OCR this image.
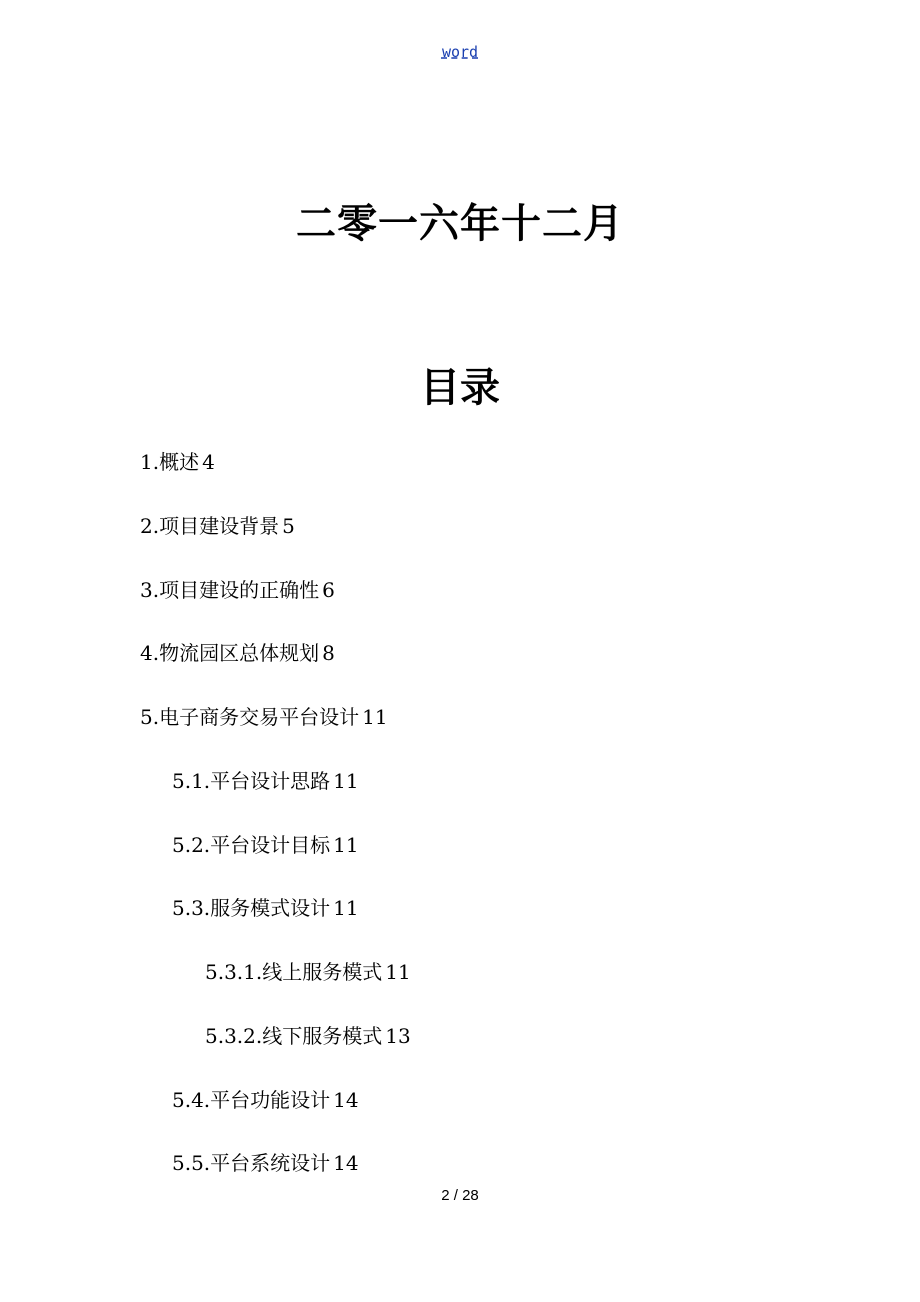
word
二零一六年十二月
目录
1.概述 4
2.项目建设背景 5
3.项目建设的正确性 6
4.物流园区总体规划 8
5.电子商务交易平台设计 11
5.1.平台设计思路 11
5.2.平台设计目标 11
5.3.服务模式设计 11
5.3.1.线上服务模式 11
5.3.2.线下服务模式 13
5.4.平台功能设计 14
5.5.平台系统设计 14
2 / 28
